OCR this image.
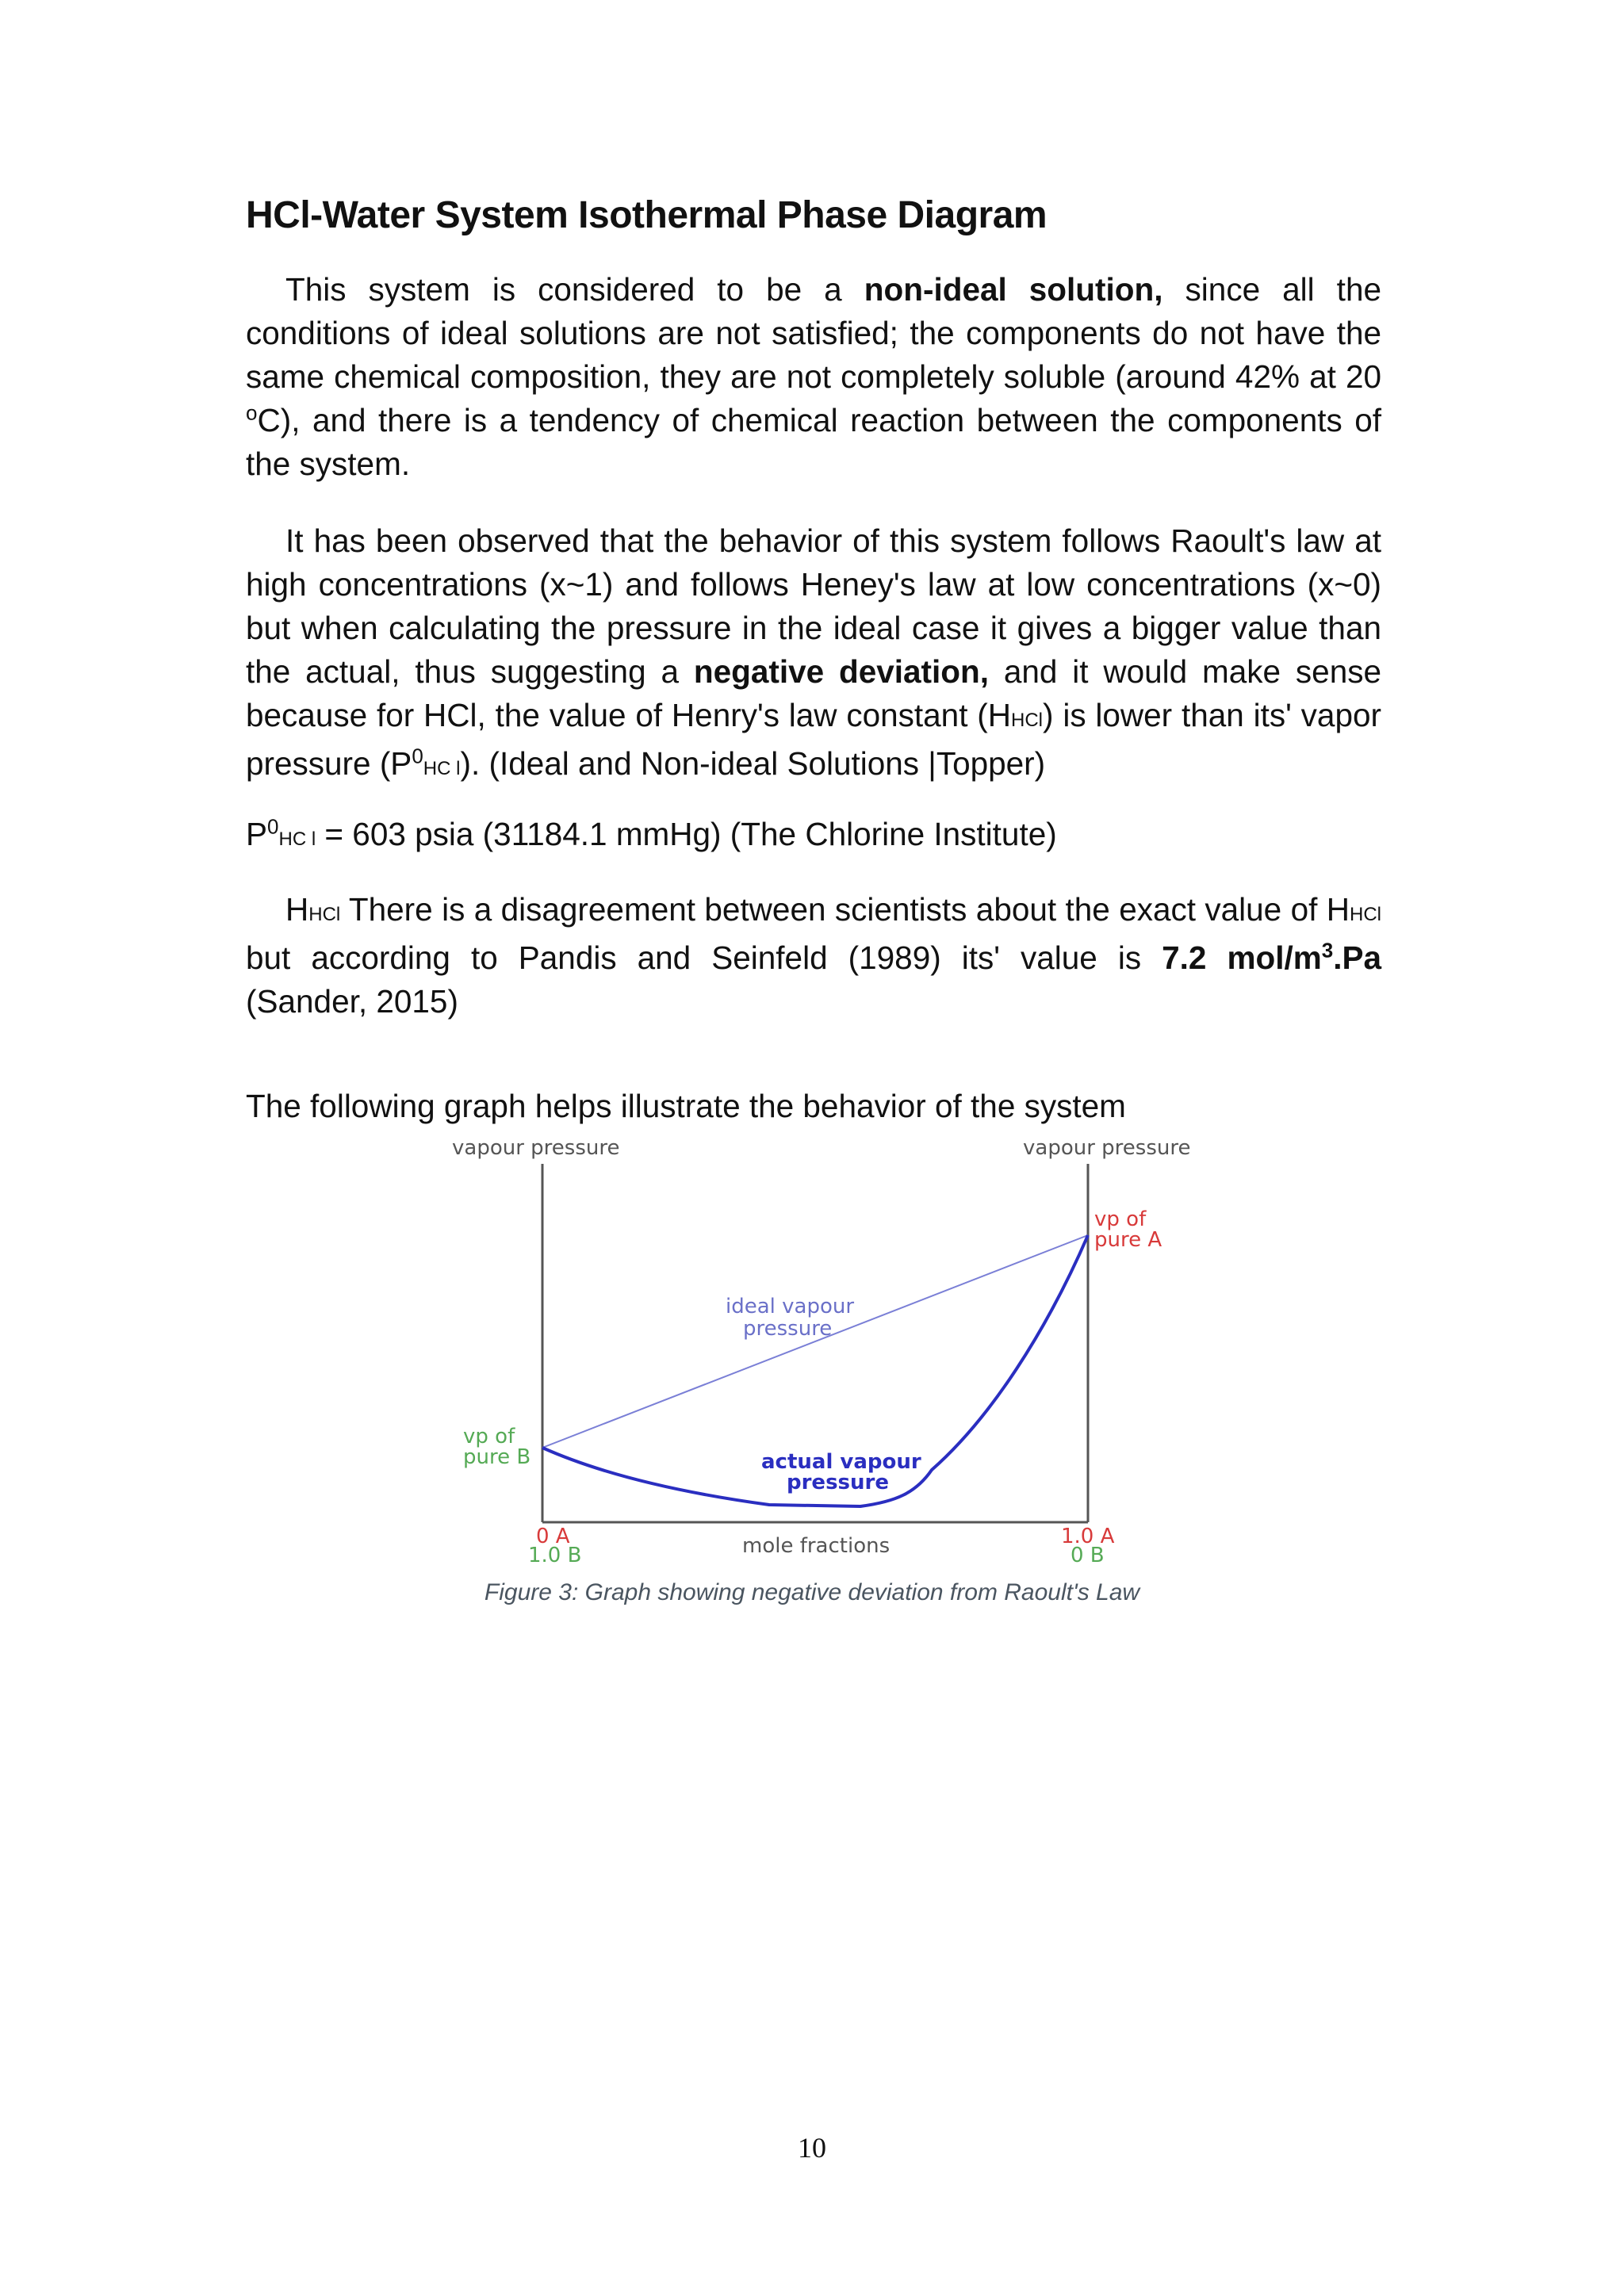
HCl-Water System Isothermal Phase Diagram

This system is considered to be a non-ideal solution, since all the conditions of ideal solutions are not satisfied; the components do not have the same chemical composition, they are not completely soluble (around 42% at 20 $^o$C), and there is a tendency of chemical reaction between the components of the system.

It has been observed that the behavior of this system follows Raoult's law at high concentrations (x~1) and follows Heney's law at low concentrations (x~0) but when calculating the pressure in the ideal case it gives a bigger value than the actual, thus suggesting a negative deviation, and it would make sense because for HCl, the value of Henry's law constant (HHCl) is lower than its' vapor pressure ($P^0HC$ l). (Ideal and Non-ideal Solutions |Topper)

$P^0HC$ l = 603 psia (31184.1 mmHg) (The Chlorine Institute)

HHCl There is a disagreement between scientists about the exact value of HHCl but according to Pandis and Seinfeld (1989) its' value is 7.2 mol/$m^3.Pa$ (Sander, 2015)

The following graph helps illustrate the behavior of the system

vapour pressure	vapour pressure
vp of
pure A
vp of
pure B
ideal vapour
pressure
actual vapour
pressure
mole fractions
0 A
1.0 B
1.0 A
0 B
Figure 3: Graph showing negative deviation from Raoult's Law
10
